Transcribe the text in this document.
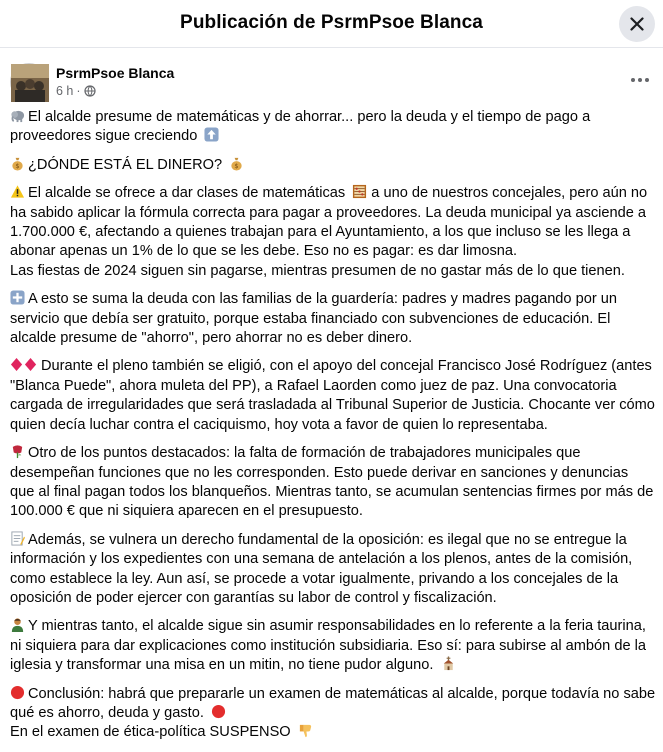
Publicación de PsrmPsoe Blanca
PsrmPsoe Blanca
6 h ·

El alcalde presume de matemáticas y de ahorrar... pero la deuda y el tiempo de pago a proveedores sigue creciendo

$ ¿DÓNDE ESTÁ EL DINERO? $

El alcalde se ofrece a dar clases de matemáticas a uno de nuestros concejales, pero aún no ha sabido aplicar la fórmula correcta para pagar a proveedores. La deuda municipal ya asciende a 1.700.000 €, afectando a quienes trabajan para el Ayuntamiento, a los que incluso se les llega a abonar apenas un 1% de lo que se les debe. Eso no es pagar: es dar limosna.
Las fiestas de 2024 siguen sin pagarse, mientras presumen de no gastar más de lo que tienen.

A esto se suma la deuda con las familias de la guardería: padres y madres pagando por un servicio que debía ser gratuito, porque estaba financiado con subvenciones de educación. El alcalde presume de "ahorro", pero ahorrar no es deber dinero.

Durante el pleno también se eligió, con el apoyo del concejal Francisco José Rodríguez (antes "Blanca Puede", ahora muleta del PP), a Rafael Laorden como juez de paz. Una convocatoria cargada de irregularidades que será trasladada al Tribunal Superior de Justicia. Chocante ver cómo quien decía luchar contra el caciquismo, hoy vota a favor de quien lo representaba.

Otro de los puntos destacados: la falta de formación de trabajadores municipales que desempeñan funciones que no les corresponden. Esto puede derivar en sanciones y denuncias que al final pagan todos los blanqueños. Mientras tanto, se acumulan sentencias firmes por más de 100.000 € que ni siquiera aparecen en el presupuesto.

Además, se vulnera un derecho fundamental de la oposición: es ilegal que no se entregue la información y los expedientes con una semana de antelación a los plenos, antes de la comisión, como establece la ley. Aun así, se procede a votar igualmente, privando a los concejales de la oposición de poder ejercer con garantías su labor de control y fiscalización.

Y mientras tanto, el alcalde sigue sin asumir responsabilidades en lo referente a la feria taurina, ni siquiera para dar explicaciones como institución subsidiaria. Eso sí: para subirse al ambón de la iglesia y transformar una misa en un mitin, no tiene pudor alguno.

Conclusión: habrá que prepararle un examen de matemáticas al alcalde, porque todavía no sabe qué es ahorro, deuda y gasto.
En el examen de ética-política SUSPENSO
